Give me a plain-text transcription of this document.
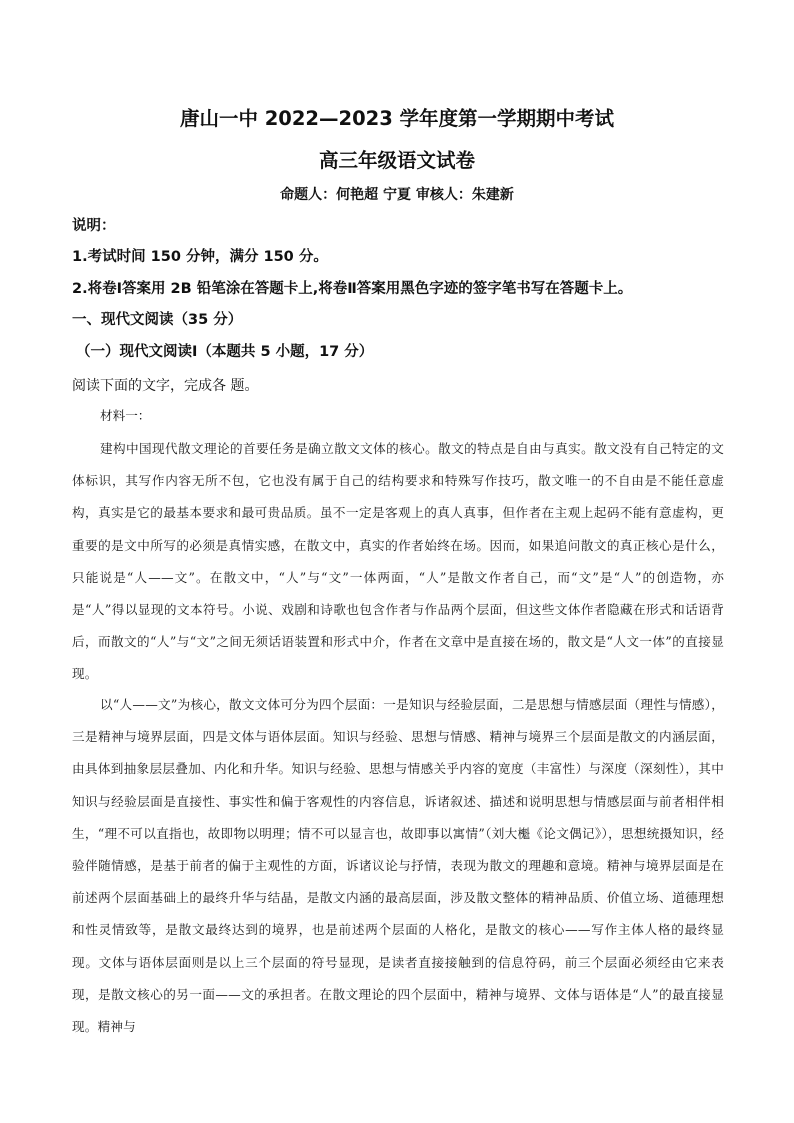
唐山一中 2022—2023 学年度第一学期期中考试
高三年级语文试卷
命题人：何艳超 宁夏 审核人：朱建新
说明：
1.考试时间 150 分钟，满分 150 分。
2.将卷Ⅰ答案用 2B 铅笔涂在答题卡上,将卷Ⅱ答案用黑色字迹的签字笔书写在答题卡上。
一、现代文阅读（35 分）
（一）现代文阅读Ⅰ（本题共 5 小题，17 分）
阅读下面的文字，完成各 题。
材料一：
建构中国现代散文理论的首要任务是确立散文文体的核心。散文的特点是自由与真实。散文没有自己特定的文体标识，其写作内容无所不包，它也没有属于自己的结构要求和特殊写作技巧，散文唯一的不自由是不能任意虚构，真实是它的最基本要求和最可贵品质。虽不一定是客观上的真人真事，但作者在主观上起码不能有意虚构，更重要的是文中所写的必须是真情实感，在散文中，真实的作者始终在场。因而，如果追问散文的真正核心是什么，只能说是“人——文”。在散文中，“人”与“文”一体两面，“人”是散文作者自己，而“文”是“人”的创造物，亦是“人”得以显现的文本符号。小说、戏剧和诗歌也包含作者与作品两个层面，但这些文体作者隐藏在形式和话语背后，而散文的“人”与“文”之间无须话语装置和形式中介，作者在文章中是直接在场的，散文是“人文一体”的直接显现。
以“人——文”为核心，散文文体可分为四个层面：一是知识与经验层面，二是思想与情感层面（理性与情感），三是精神与境界层面，四是文体与语体层面。知识与经验、思想与情感、精神与境界三个层面是散文的内涵层面，由具体到抽象层层叠加、内化和升华。知识与经验、思想与情感关乎内容的宽度（丰富性）与深度（深刻性），其中知识与经验层面是直接性、事实性和偏于客观性的内容信息，诉诸叙述、描述和说明思想与情感层面与前者相伴相生，“理不可以直指也，故即物以明理；情不可以显言也，故即事以寓情”（刘大櫆《论文偶记》），思想统摄知识，经验伴随情感，是基于前者的偏于主观性的方面，诉诸议论与抒情，表现为散文的理趣和意境。精神与境界层面是在前述两个层面基础上的最终升华与结晶，是散文内涵的最高层面，涉及散文整体的精神品质、价值立场、道德理想和性灵情致等，是散文最终达到的境界，也是前述两个层面的人格化，是散文的核心——写作主体人格的最终显现。文体与语体层面则是以上三个层面的符号显现，是读者直接接触到的信息符码，前三个层面必须经由它来表现，是散文核心的另一面——文的承担者。在散文理论的四个层面中，精神与境界、文体与语体是“人”的最直接显现。精神与
